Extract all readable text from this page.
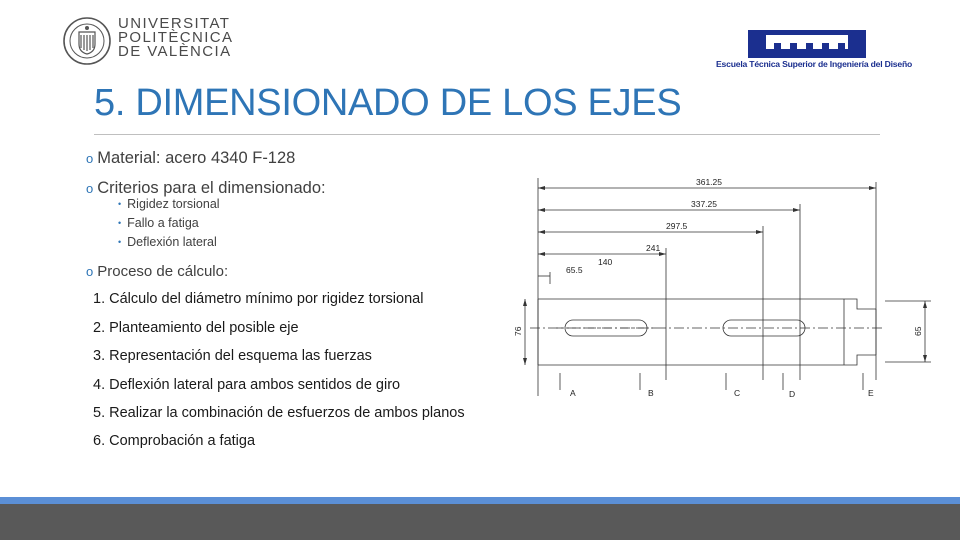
UNIVERSITAT
POLITÈCNICA
DE VALÈNCIA
Escuela Técnica Superior de Ingeniería del Diseño
5. DIMENSIONADO DE LOS EJES
o Material: acero 4340 F-128
o Criterios para el dimensionado:
• Rigidez torsional
• Fallo a fatiga
• Deflexión lateral
o Proceso de cálculo:
1. Cálculo del diámetro mínimo por rigidez torsional
2. Planteamiento del posible eje
3. Representación del esquema las fuerzas
4. Deflexión lateral para ambos sentidos de giro
5. Realizar la combinación de esfuerzos de ambos planos
6. Comprobación a fatiga
361.25
337.25
297.5
241
140
65.5
76	65
A	B	C	D	E
